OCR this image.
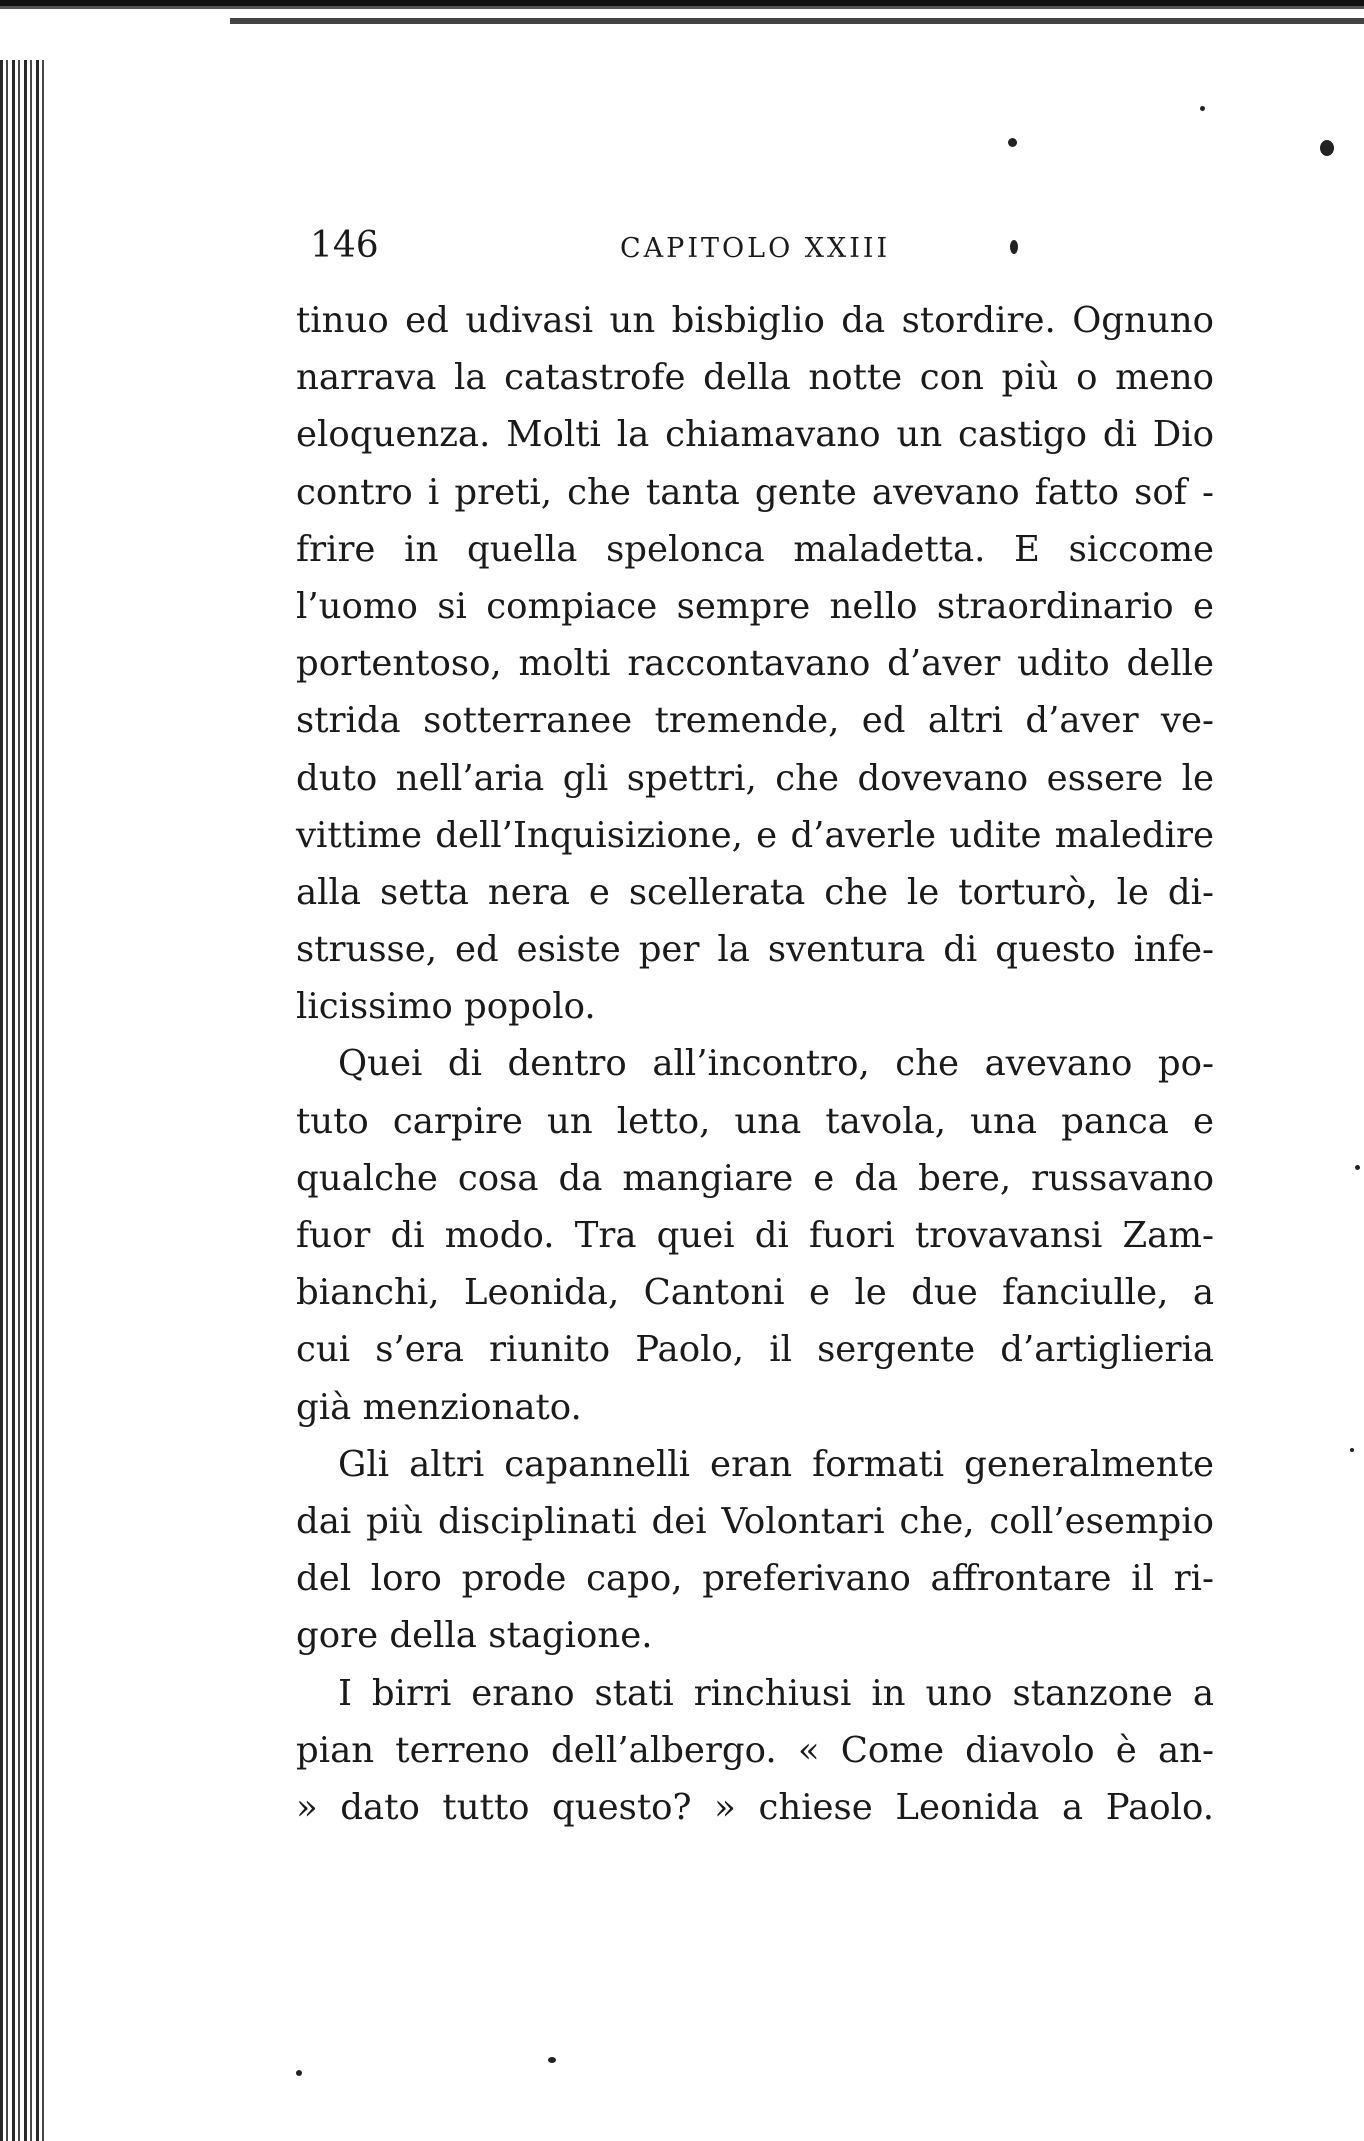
146	CAPITOLO XXIII
tinuo ed udivasi un bisbiglio da stordire. Ognuno
narrava la catastrofe della notte con più o meno
eloquenza. Molti la chiamavano un castigo di Dio
contro i preti, che tanta gente avevano fatto sof -
frire in quella spelonca maladetta. E siccome
l’uomo si compiace sempre nello straordinario e
portentoso, molti raccontavano d’aver udito delle
strida sotterranee tremende, ed altri d’aver ve-
duto nell’aria gli spettri, che dovevano essere le
vittime dell’Inquisizione, e d’averle udite maledire
alla setta nera e scellerata che le torturò, le di-
strusse, ed esiste per la sventura di questo infe-
licissimo popolo.
Quei di dentro all’incontro, che avevano po-
tuto carpire un letto, una tavola, una panca e
qualche cosa da mangiare e da bere, russavano
fuor di modo. Tra quei di fuori trovavansi Zam-
bianchi, Leonida, Cantoni e le due fanciulle, a
cui s’era riunito Paolo, il sergente d’artiglieria
già menzionato.
Gli altri capannelli eran formati generalmente
dai più disciplinati dei Volontari che, coll’esempio
del loro prode capo, preferivano affrontare il ri-
gore della stagione.
I birri erano stati rinchiusi in uno stanzone a
pian terreno dell’albergo. « Come diavolo è an-
» dato tutto questo? » chiese Leonida a Paolo.
